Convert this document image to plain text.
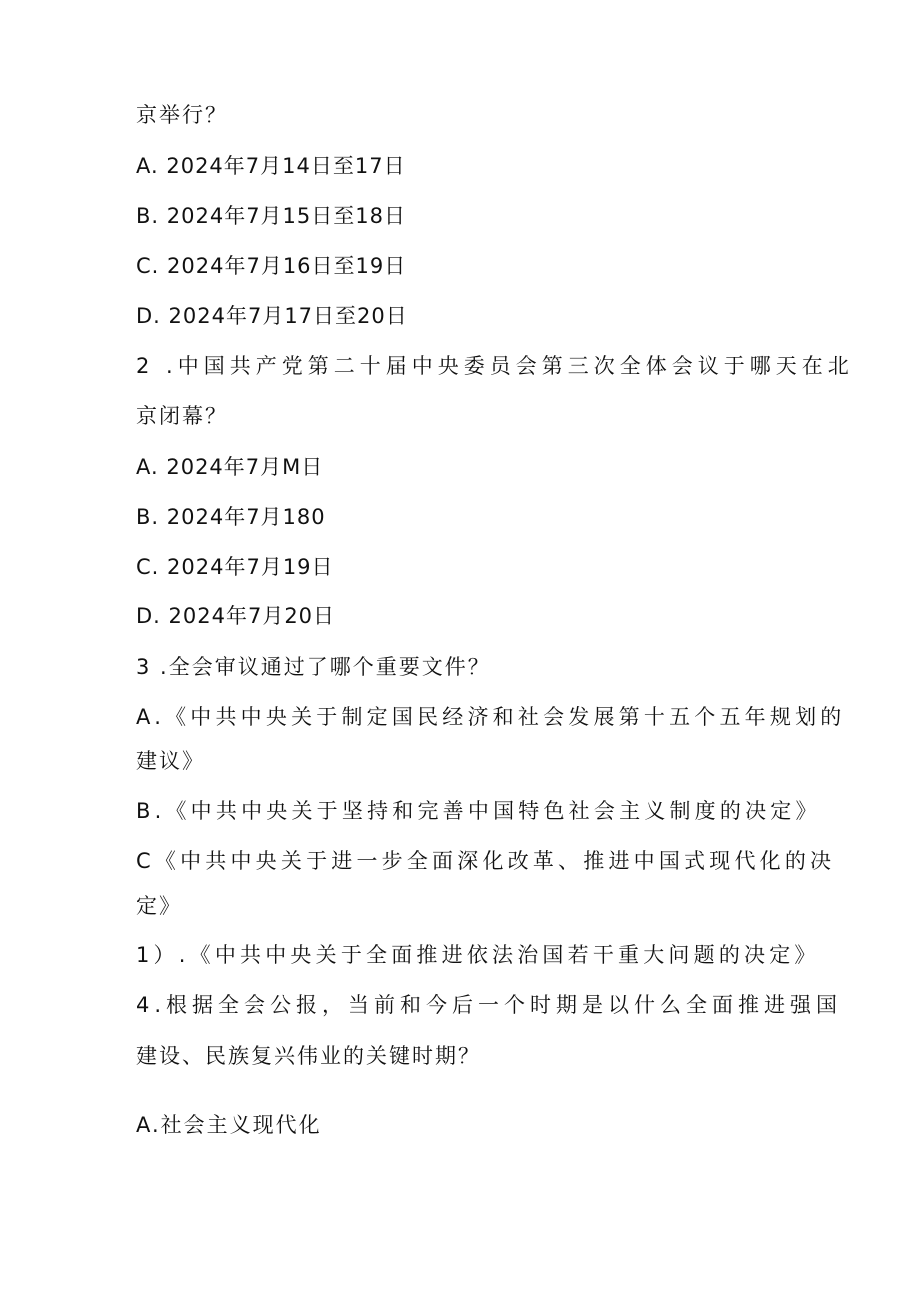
京举行？
A. 2024年7月14日至17日
B. 2024年7月15日至18日
C. 2024年7月16日至19日
D. 2024年7月17日至20日
2 .中国共产党第二十届中央委员会第三次全体会议于哪天在北
京闭幕？
A. 2024年7月M日
B. 2024年7月180
C. 2024年7月19日
D. 2024年7月20日
3 .全会审议通过了哪个重要文件？
A.《中共中央关于制定国民经济和社会发展第十五个五年规划的
建议》
B.《中共中央关于坚持和完善中国特色社会主义制度的决定》
C《中共中央关于进一步全面深化改革、推进中国式现代化的决
定》
1）.《中共中央关于全面推进依法治国若干重大问题的决定》
4.根据全会公报，当前和今后一个时期是以什么全面推进强国
建设、民族复兴伟业的关键时期？
A.社会主义现代化
